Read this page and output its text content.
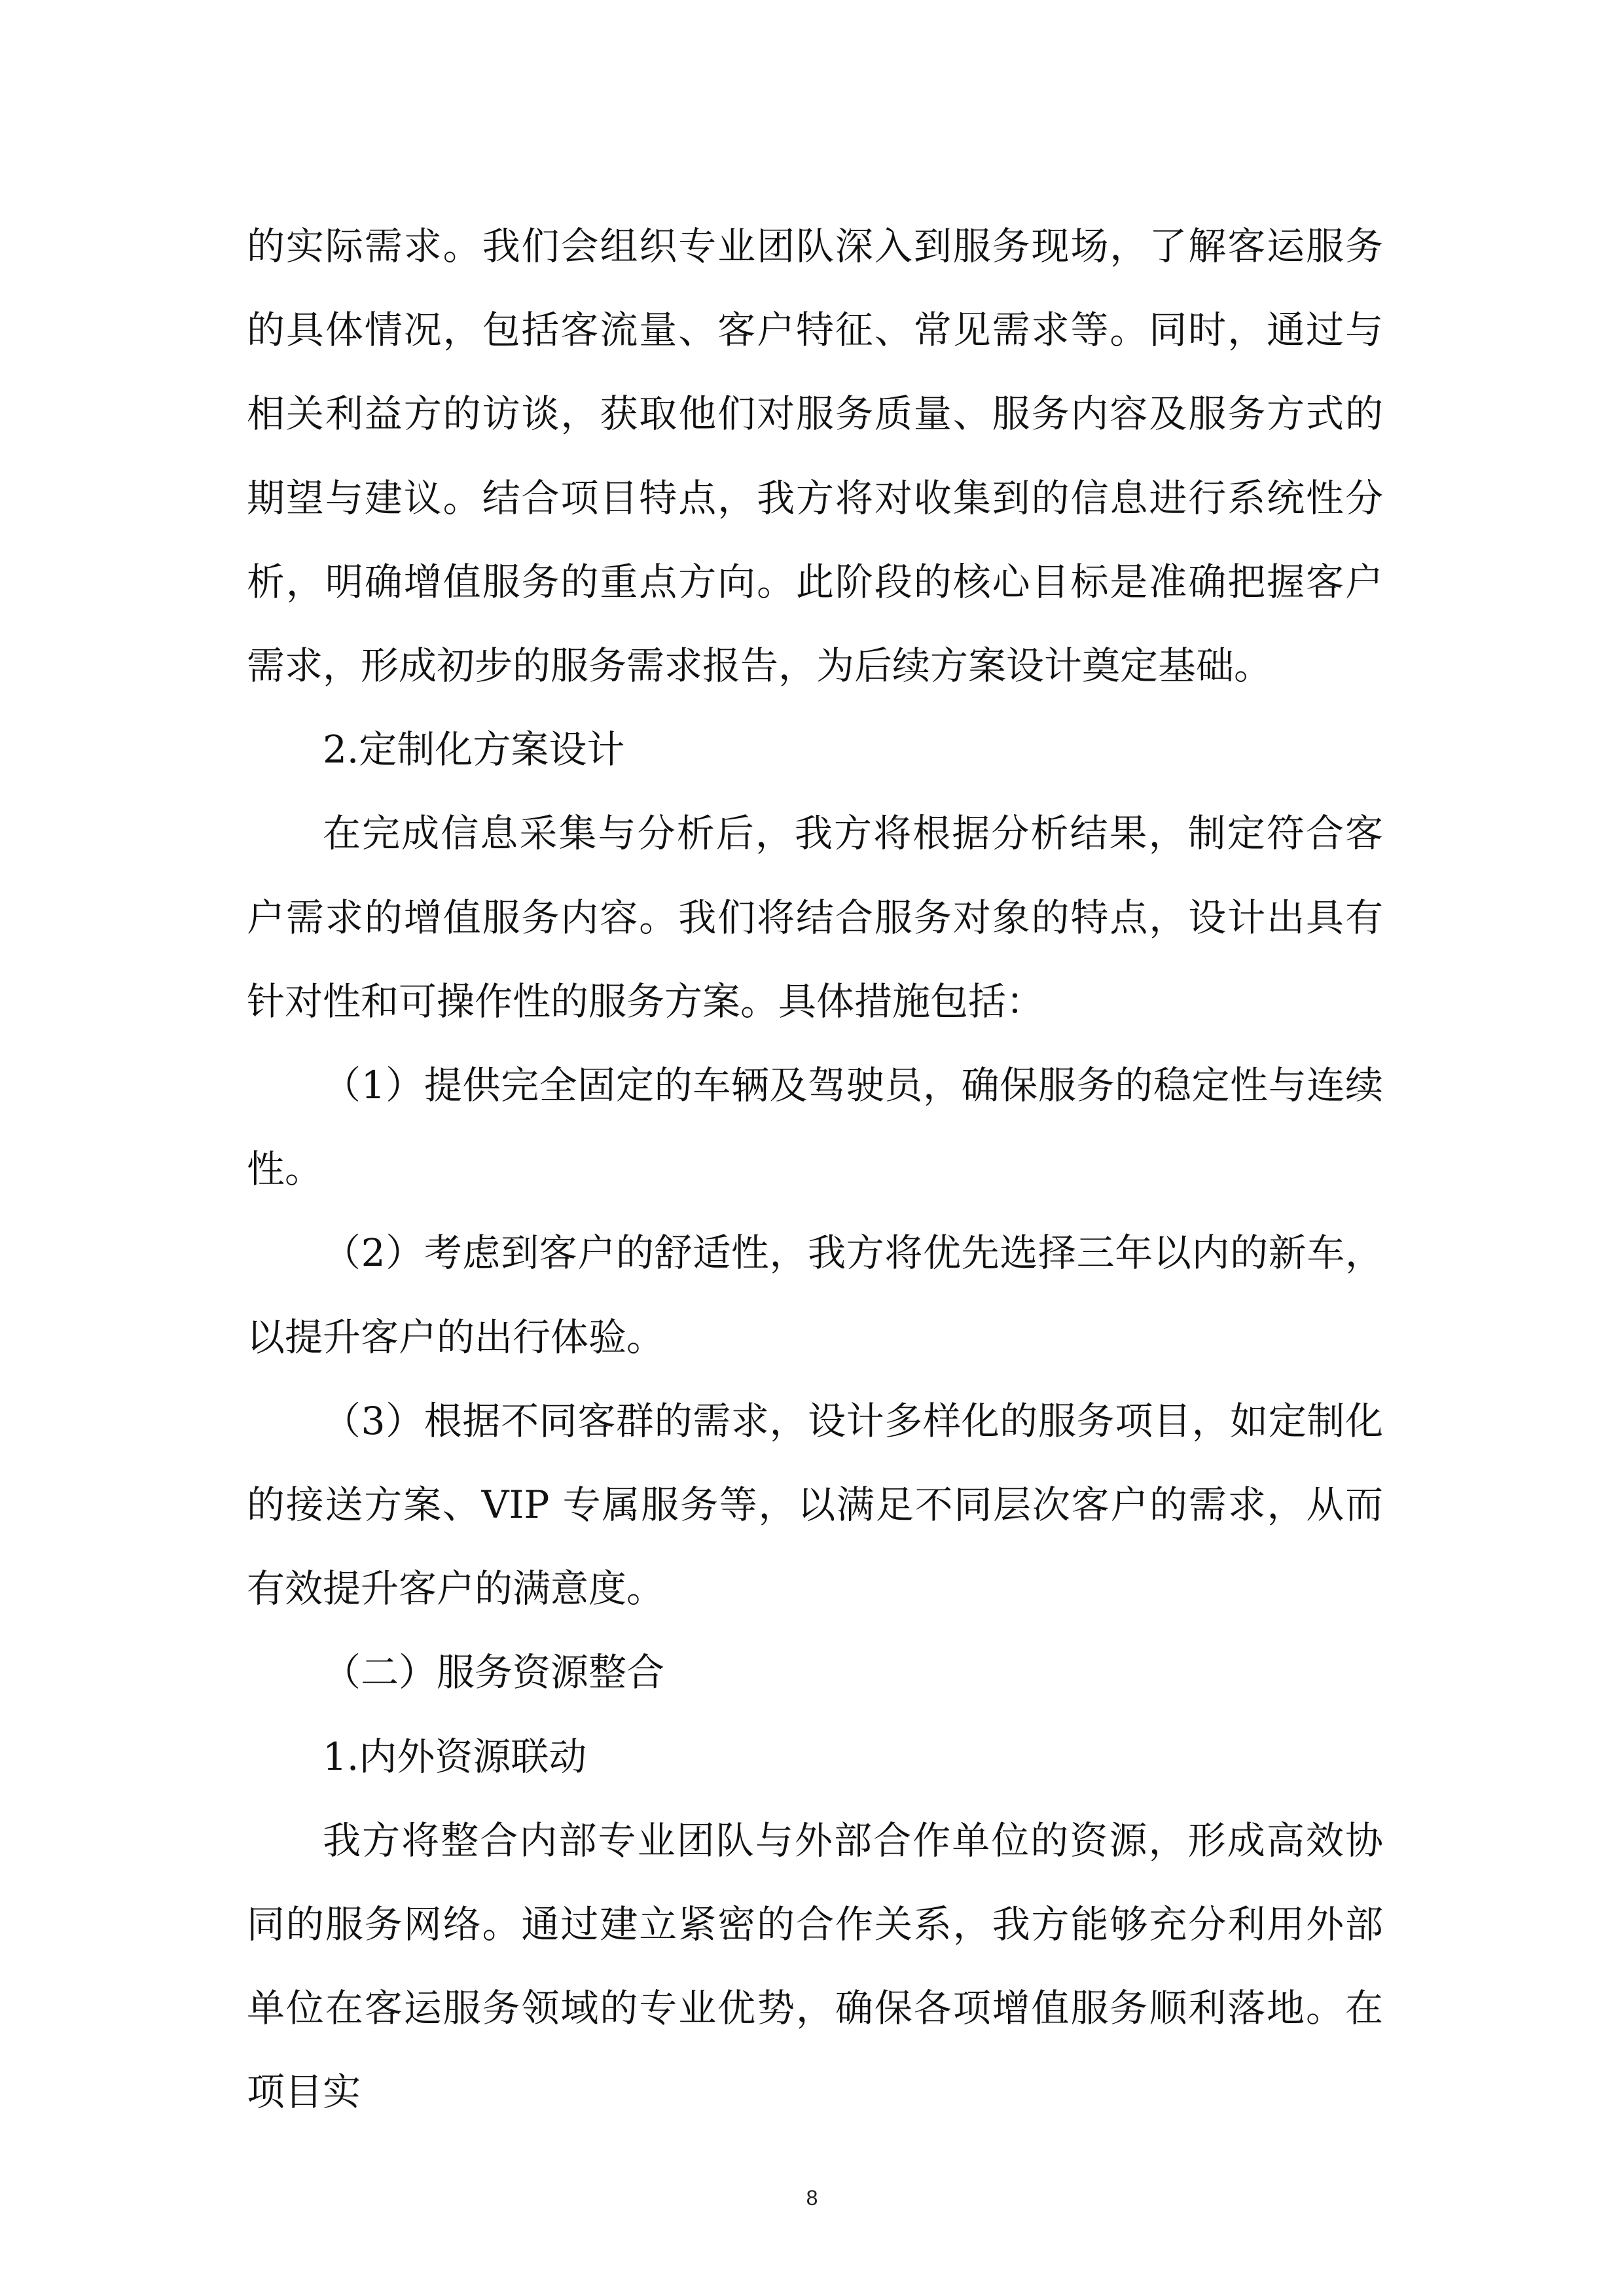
的实际需求。我们会组织专业团队深入到服务现场，了解客运服务的具体情况，包括客流量、客户特征、常见需求等。同时，通过与相关利益方的访谈，获取他们对服务质量、服务内容及服务方式的期望与建议。结合项目特点，我方将对收集到的信息进行系统性分析，明确增值服务的重点方向。此阶段的核心目标是准确把握客户需求，形成初步的服务需求报告，为后续方案设计奠定基础。

2.定制化方案设计

在完成信息采集与分析后，我方将根据分析结果，制定符合客户需求的增值服务内容。我们将结合服务对象的特点，设计出具有针对性和可操作性的服务方案。具体措施包括：

（1）提供完全固定的车辆及驾驶员，确保服务的稳定性与连续性。

（2）考虑到客户的舒适性，我方将优先选择三年以内的新车，以提升客户的出行体验。

（3）根据不同客群的需求，设计多样化的服务项目，如定制化的接送方案、VIP 专属服务等，以满足不同层次客户的需求，从而有效提升客户的满意度。

（二）服务资源整合

1.内外资源联动

我方将整合内部专业团队与外部合作单位的资源，形成高效协同的服务网络。通过建立紧密的合作关系，我方能够充分利用外部单位在客运服务领域的专业优势，确保各项增值服务顺利落地。在项目实

8
